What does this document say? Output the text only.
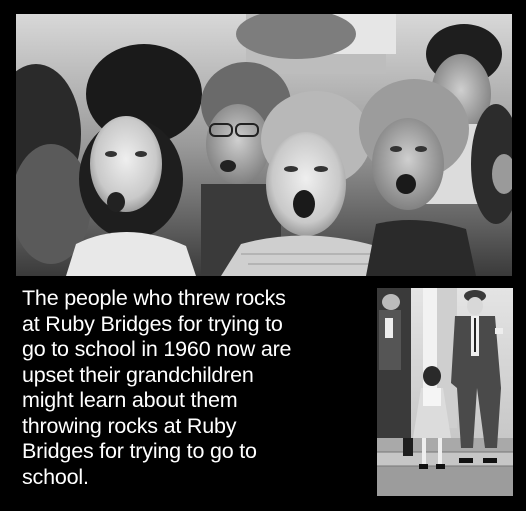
The people who threw rocks
at Ruby Bridges for trying to
go to school in 1960 now are
upset their grandchildren
might learn about them
throwing rocks at Ruby
Bridges for trying to go to
school.
